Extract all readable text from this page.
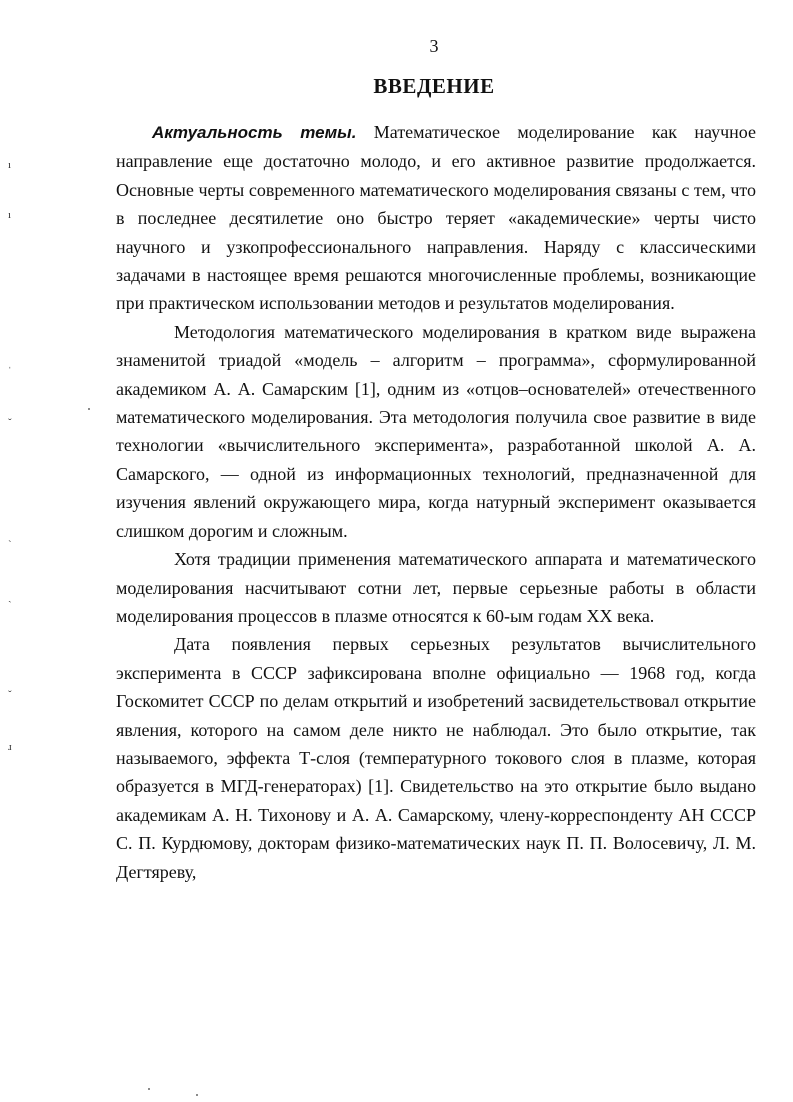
3
ВВЕДЕНИЕ

Актуальность темы. Математическое моделирование как научное направление еще достаточно молодо, и его активное развитие продолжается. Основные черты современного математического моделирования связаны с тем, что в последнее десятилетие оно быстро теряет «академические» черты чисто научного и узкопрофессионального направления. Наряду с классическими задачами в настоящее время решаются многочисленные проблемы, возникающие при практическом использовании методов и результатов моделирования.

Методология математического моделирования в кратком виде выражена знаменитой триадой «модель – алгоритм – программа», сформулированной академиком А. А. Самарским [1], одним из «отцов–основателей» отечественного математического моделирования. Эта методология получила свое развитие в виде технологии «вычислительного эксперимента», разработанной школой А. А. Самарского, — одной из информационных технологий, предназначенной для изучения явлений окружающего мира, когда натурный эксперимент оказывается слишком дорогим и сложным.

Хотя традиции применения математического аппарата и математического моделирования насчитывают сотни лет, первые серьезные работы в области моделирования процессов в плазме относятся к 60-ым годам XX века.

Дата появления первых серьезных результатов вычислительного эксперимента в СССР зафиксирована вполне официально — 1968 год, когда Госкомитет СССР по делам открытий и изобретений засвидетельствовал открытие явления, которого на самом деле никто не наблюдал. Это было открытие, так называемого, эффекта Т-слоя (температурного токового слоя в плазме, которая образуется в МГД-генераторах) [1]. Свидетельство на это открытие было выдано академикам А. Н. Тихонову и А. А. Самарскому, члену-корреспонденту АН СССР С. П. Курдюмову, докторам физико-математических наук П. П. Волосевичу, Л. М. Дегтяреву,

ı
ı
ˈ
ˇ
ˋ
ˎ
ˇ
ɹ
